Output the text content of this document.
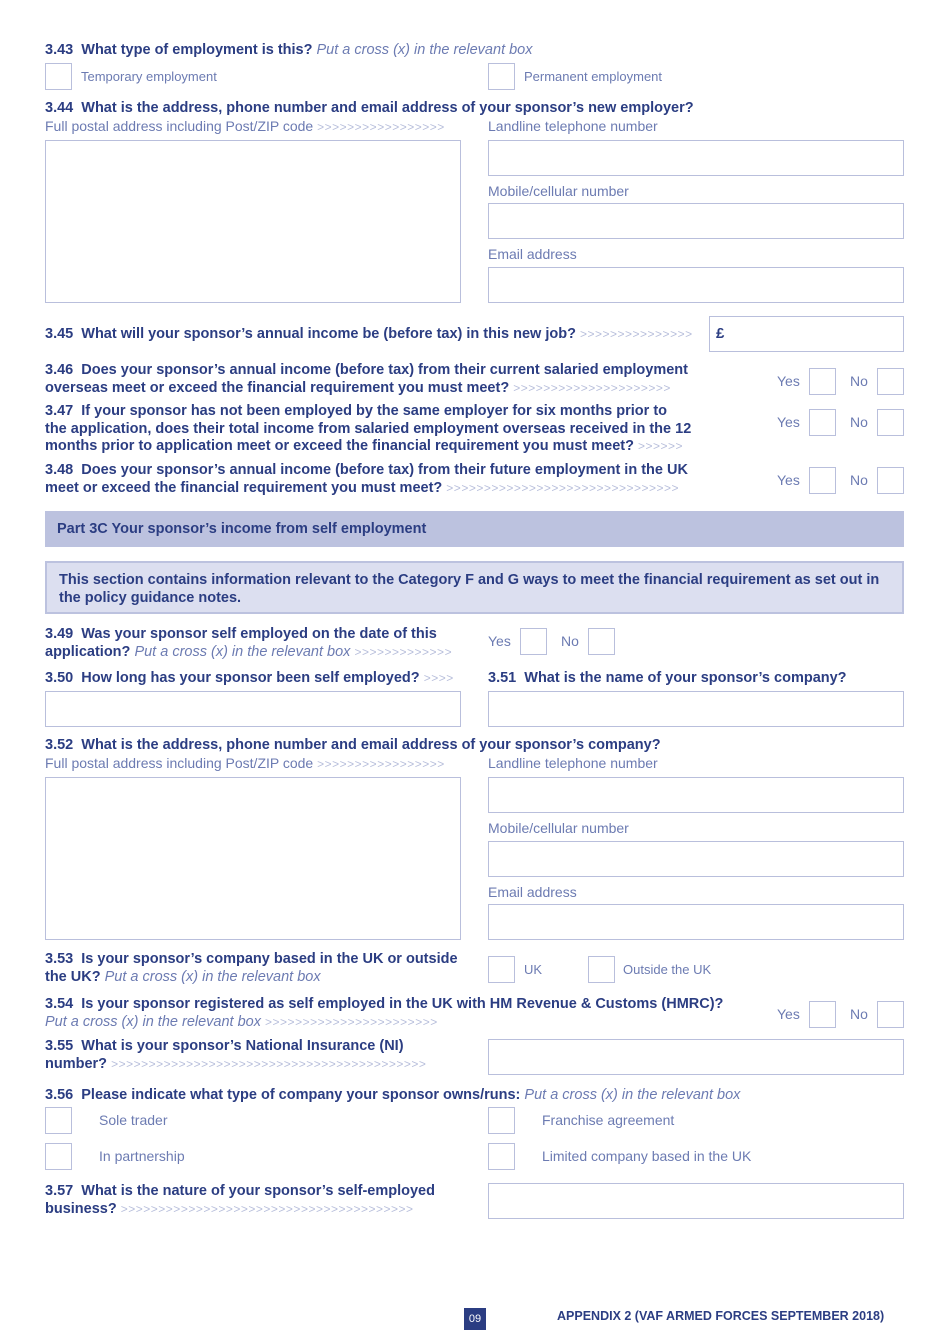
3.43 What type of employment is this? Put a cross (x) in the relevant box
Temporary employment	Permanent employment
3.44 What is the address, phone number and email address of your sponsor’s new employer?
Full postal address including Post/ZIP code >>>>>>>>>>>>>>>>>	Landline telephone number
Mobile/cellular number
Email address
3.45 What will your sponsor’s annual income be (before tax) in this new job? >>>>>>>>>>>>>>> £
3.46 Does your sponsor’s annual income (before tax) from their current salaried employment
overseas meet or exceed the financial requirement you must meet? >>>>>>>>>>>>>>>>>>>>>	Yes	No
3.47 If your sponsor has not been employed by the same employer for six months prior to
the application, does their total income from salaried employment overseas received in the 12
months prior to application meet or exceed the financial requirement you must meet? >>>>>>
Yes	No
3.48 Does your sponsor’s annual income (before tax) from their future employment in the UK
meet or exceed the financial requirement you must meet? >>>>>>>>>>>>>>>>>>>>>>>>>>>>>>>	Yes	No
Part 3C Your sponsor’s income from self employment
This section contains information relevant to the Category F and G ways to meet the financial requirement as set out in the policy guidance notes.
3.49 Was your sponsor self employed on the date of this
application? Put a cross (x) in the relevant box >>>>>>>>>>>>>
Yes	No
3.50 How long has your sponsor been self employed? >>>> 3.51 What is the name of your sponsor’s company?
3.52 What is the address, phone number and email address of your sponsor’s company?
Full postal address including Post/ZIP code >>>>>>>>>>>>>>>>>	Landline telephone number
Mobile/cellular number
Email address
3.53 Is your sponsor’s company based in the UK or outside
the UK? Put a cross (x) in the relevant box	UK	Outside the UK
3.54 Is your sponsor registered as self employed in the UK with HM Revenue & Customs (HMRC)?
Put a cross (x) in the relevant box >>>>>>>>>>>>>>>>>>>>>>>	Yes	No
3.55 What is your sponsor’s National Insurance (NI)
number? >>>>>>>>>>>>>>>>>>>>>>>>>>>>>>>>>>>>>>>>>>
3.56 Please indicate what type of company your sponsor owns/runs: Put a cross (x) in the relevant box
Sole trader	Franchise agreement
In partnership	Limited company based in the UK
3.57 What is the nature of your sponsor’s self-employed
business? >>>>>>>>>>>>>>>>>>>>>>>>>>>>>>>>>>>>>>>
09	APPENDIX 2 (VAF ARMED FORCES SEPTEMBER 2018)
